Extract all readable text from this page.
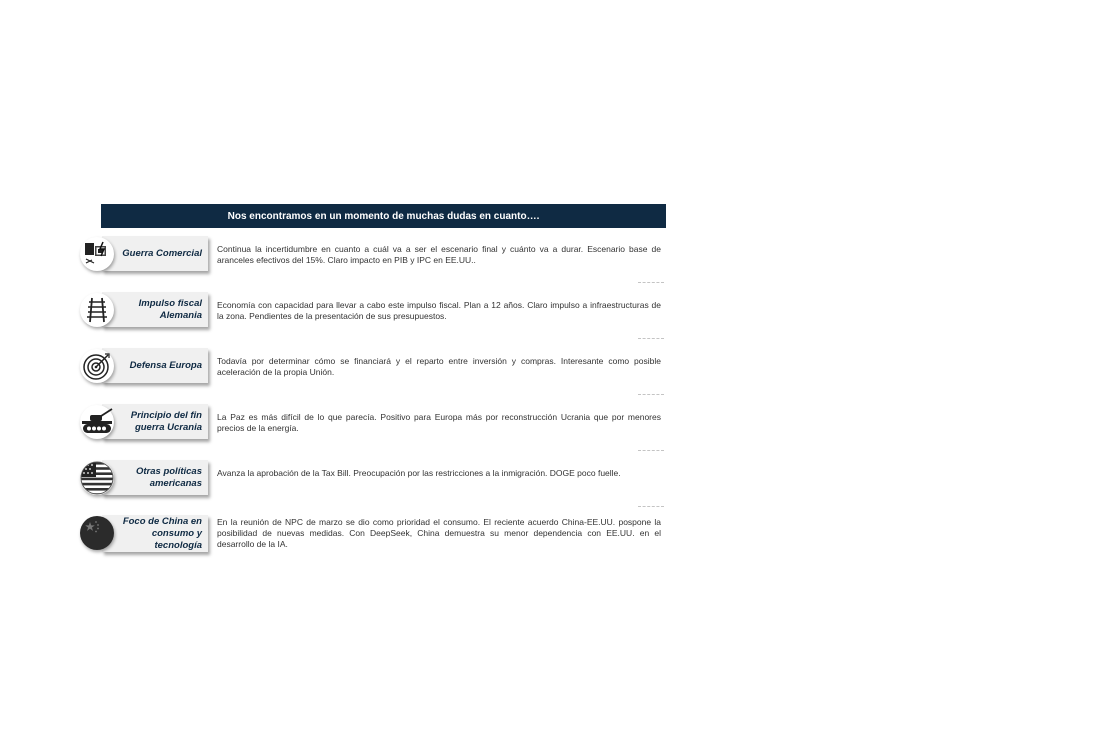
Nos encontramos en un momento de muchas dudas en cuanto….
Guerra Comercial Continua la incertidumbre en cuanto a cuál va a ser el escenario final y cuánto va a durar. Escenario base de aranceles efectivos del 15%. Claro impacto en PIB y IPC en EE.UU..
Impulso fiscal Alemania
Economía con capacidad para llevar a cabo este impulso fiscal. Plan a 12 años. Claro impulso a infraestructuras de la zona. Pendientes de la presentación de sus presupuestos.
Defensa Europa Todavía por determinar cómo se financiará y el reparto entre inversión y compras. Interesante como posible aceleración de la propia Unión.
Principio del fin guerra Ucrania
La Paz es más difícil de lo que parecía. Positivo para Europa más por reconstrucción Ucrania que por menores precios de la energía.
Otras políticas americanas
Avanza la aprobación de la Tax Bill. Preocupación por las restricciones a la inmigración. DOGE poco fuelle.
Foco de China en consumo y tecnología
En la reunión de NPC de marzo se dio como prioridad el consumo. El reciente acuerdo China-EE.UU. pospone la posibilidad de nuevas medidas. Con DeepSeek, China demuestra su menor dependencia con EE.UU. en el desarrollo de la IA.
